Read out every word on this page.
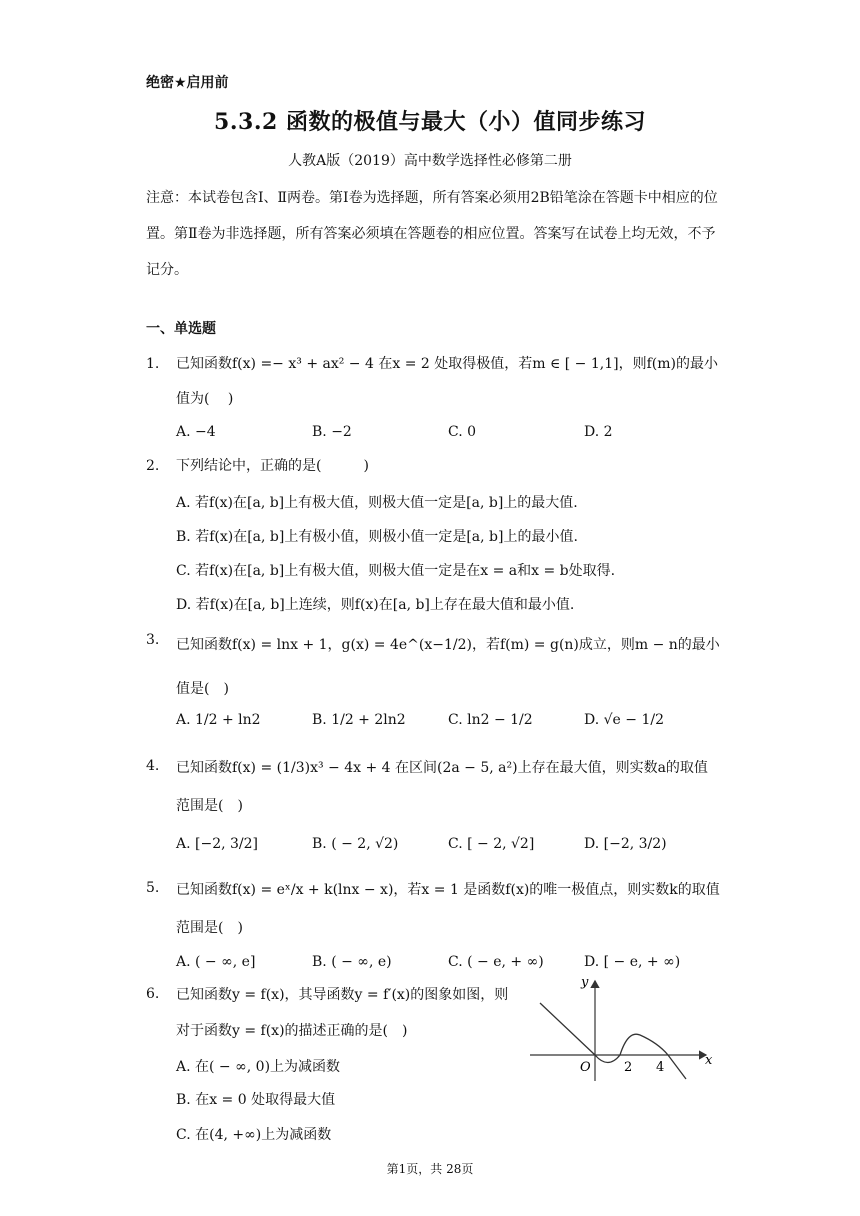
绝密★启用前
5.3.2 函数的极值与最大（小）值同步练习
人教A版（2019）高中数学选择性必修第二册
注意：本试卷包含Ⅰ、Ⅱ两卷。第Ⅰ卷为选择题，所有答案必须用2B铅笔涂在答题卡中相应的位置。第Ⅱ卷为非选择题，所有答案必须填在答题卷的相应位置。答案写在试卷上均无效，不予记分。
一、单选题
1. 已知函数f(x) =− x³ + ax² − 4 在x = 2 处取得极值，若m ∈ [ − 1,1]，则f(m)的最小值为(　 )
A. −4	B. −2	C. 0	D. 2
2. 下列结论中，正确的是(　　　)
A. 若f(x)在[a, b]上有极大值，则极大值一定是[a, b]上的最大值.
B. 若f(x)在[a, b]上有极小值，则极小值一定是[a, b]上的最小值.
C. 若f(x)在[a, b]上有极大值，则极大值一定是在x = a和x = b处取得.
D. 若f(x)在[a, b]上连续，则f(x)在[a, b]上存在最大值和最小值.
3. 已知函数f(x) = lnx + 1，g(x) = 4e^(x−1/2)，若f(m) = g(n)成立，则m − n的最小值是(　)
A. 1/2 + ln2	B. 1/2 + 2ln2	C. ln2 − 1/2	D. √e − 1/2
4. 已知函数f(x) = (1/3)x³ − 4x + 4 在区间(2a − 5, a²)上存在最大值，则实数a的取值范围是(　)
A. [−2, 3/2]	B. ( − 2, √2)	C. [ − 2, √2]	D. [−2, 3/2)
5. 已知函数f(x) = eˣ/x + k(lnx − x)，若x = 1 是函数f(x)的唯一极值点，则实数k的取值范围是(　)
A. ( − ∞, e]	B. ( − ∞, e)	C. ( − e, + ∞)	D. [ − e, + ∞)
6. 已知函数y = f(x)，其导函数y = f′(x)的图象如图，则对于函数y = f(x)的描述正确的是(　)
A. 在( − ∞, 0)上为减函数
B. 在x = 0 处取得最大值
C. 在(4, +∞)上为减函数
y
x
O	2 4
第1页，共 28页
